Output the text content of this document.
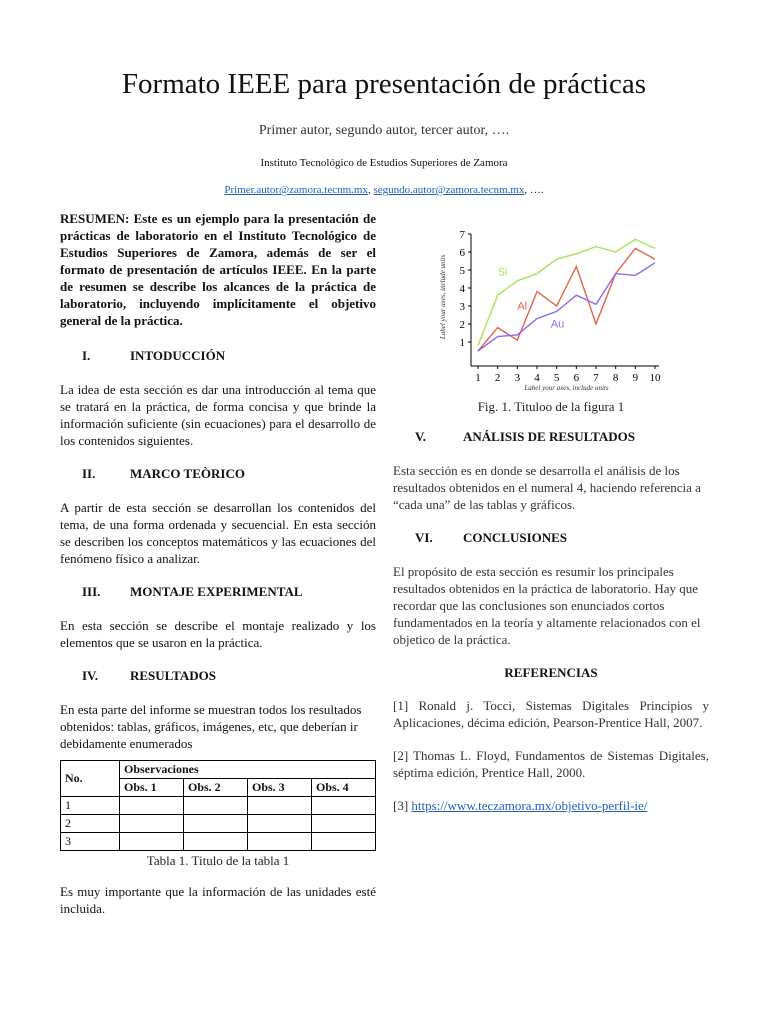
Formato IEEE para presentación de prácticas
Primer autor, segundo autor, tercer autor, ….
Instituto Tecnológico de Estudios Superiores de Zamora
Primer.autor@zamora.tecnm.mx, segundo.autor@zamora.tecnm.mx, ….

RESUMEN: Este es un ejemplo para la presentación de prácticas de laboratorio en el Instituto Tecnológico de Estudios Superiores de Zamora, además de ser el formato de presentación de artículos IEEE. En la parte de resumen se describe los alcances de la práctica de laboratorio, incluyendo implícitamente el objetivo general de la práctica.

I.	INTODUCCIÓN

La idea de esta sección es dar una introducción al tema que se tratará en la práctica, de forma concisa y que brinde la información suficiente (sin ecuaciones) para el desarrollo de los contenidos siguientes.

II.	MARCO TEÒRICO

A partir de esta sección se desarrollan los contenidos del tema, de una forma ordenada y secuencial. En esta sección se describen los conceptos matemáticos y las ecuaciones del fenómeno físico a analizar.

III. MONTAJE EXPERIMENTAL

En esta sección se describe el montaje realizado y los elementos que se usaron en la práctica.

IV. RESULTADOS

En esta parte del informe se muestran todos los resultados obtenidos: tablas, gráficos, imágenes, etc, que deberían ir debidamente enumerados

No.	Observaciones			
	Obs. 1	Obs. 2	Obs. 3	Obs. 4
1				
2				
3				
Tabla 1. Titulo de la tabla 1

Es muy importante que la información de las unidades esté incluida.

1
2
3
4
5
6
7
1 2 3 4 5 6 7 8 9 10
Label your axes, include units
Label your axes, include units	Si
Al
Au
Fig. 1. Tituloo de la figura 1
V.	ANÁLISIS DE RESULTADOS

Esta sección es en donde se desarrolla el análisis de los resultados obtenidos en el numeral 4, haciendo referencia a “cada una” de las tablas y gráficos.

VI. CONCLUSIONES

El propósito de esta sección es resumir los principales resultados obtenidos en la práctica de laboratorio. Hay que recordar que las conclusiones son enunciados cortos fundamentados en la teoría y altamente relacionados con el objetico de la práctica.

REFERENCIAS

[1] Ronald j. Tocci, Sistemas Digitales Principios y Aplicaciones, décima edición, Pearson-Prentice Hall, 2007.

[2] Thomas L. Floyd, Fundamentos de Sistemas Digitales, séptima edición, Prentice Hall, 2000.

[3] https://www.teczamora.mx/objetivo-perfil-ie/
